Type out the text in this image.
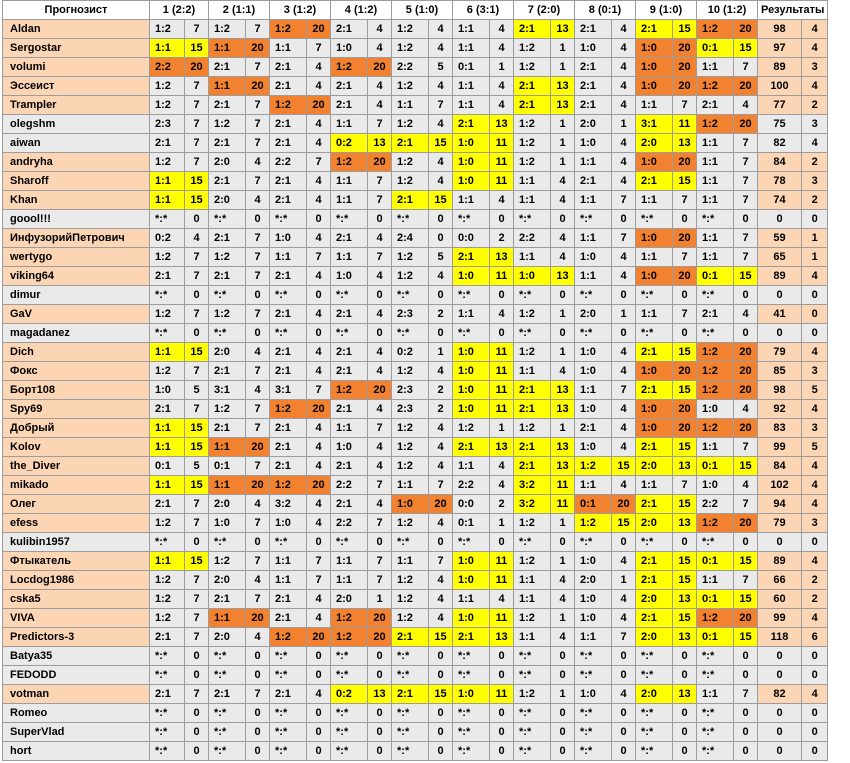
Прогнозист	1 (2:2)		2 (1:1)		3 (1:2)		4 (1:2)		5 (1:0)		6 (3:1)		7 (2:0)		8 (0:1)		9 (1:0)		10 (1:2)		Результаты	
Aldan	1:2	7	1:2	7	1:2	20	2:1	4	1:2	4	1:1	4	2:1	13	2:1	4	2:1	15	1:2	20	98	4
Sergostar	1:1	15	1:1	20	1:1	7	1:0	4	1:2	4	1:1	4	1:2	1	1:0	4	1:0	20	0:1	15	97	4
volumi	2:2	20	2:1	7	2:1	4	1:2	20	2:2	5	0:1	1	1:2	1	2:1	4	1:0	20	1:1	7	89	3
Эссеист	1:2	7	1:1	20	2:1	4	2:1	4	1:2	4	1:1	4	2:1	13	2:1	4	1:0	20	1:2	20	100	4
Trampler	1:2	7	2:1	7	1:2	20	2:1	4	1:1	7	1:1	4	2:1	13	2:1	4	1:1	7	2:1	4	77	2
olegshm	2:3	7	1:2	7	2:1	4	1:1	7	1:2	4	2:1	13	1:2	1	2:0	1	3:1	11	1:2	20	75	3
aiwan	2:1	7	2:1	7	2:1	4	0:2	13	2:1	15	1:0	11	1:2	1	1:0	4	2:0	13	1:1	7	82	4
andryha	1:2	7	2:0	4	2:2	7	1:2	20	1:2	4	1:0	11	1:2	1	1:1	4	1:0	20	1:1	7	84	2
Sharoff	1:1	15	2:1	7	2:1	4	1:1	7	1:2	4	1:0	11	1:1	4	2:1	4	2:1	15	1:1	7	78	3
Khan	1:1	15	2:0	4	2:1	4	1:1	7	2:1	15	1:1	4	1:1	4	1:1	7	1:1	7	1:1	7	74	2
goool!!!	*:*	0	*:*	0	*:*	0	*:*	0	*:*	0	*:*	0	*:*	0	*:*	0	*:*	0	*:*	0	0	0
ИнфузорийПетрович	0:2	4	2:1	7	1:0	4	2:1	4	2:4	0	0:0	2	2:2	4	1:1	7	1:0	20	1:1	7	59	1
wertygo	1:2	7	1:2	7	1:1	7	1:1	7	1:2	5	2:1	13	1:1	4	1:0	4	1:1	7	1:1	7	65	1
viking64	2:1	7	2:1	7	2:1	4	1:0	4	1:2	4	1:0	11	1:0	13	1:1	4	1:0	20	0:1	15	89	4
dimur	*:*	0	*:*	0	*:*	0	*:*	0	*:*	0	*:*	0	*:*	0	*:*	0	*:*	0	*:*	0	0	0
GaV	1:2	7	1:2	7	2:1	4	2:1	4	2:3	2	1:1	4	1:2	1	2:0	1	1:1	7	2:1	4	41	0
magadanez	*:*	0	*:*	0	*:*	0	*:*	0	*:*	0	*:*	0	*:*	0	*:*	0	*:*	0	*:*	0	0	0
Dich	1:1	15	2:0	4	2:1	4	2:1	4	0:2	1	1:0	11	1:2	1	1:0	4	2:1	15	1:2	20	79	4
Фокс	1:2	7	2:1	7	2:1	4	2:1	4	1:2	4	1:0	11	1:1	4	1:0	4	1:0	20	1:2	20	85	3
Борт108	1:0	5	3:1	4	3:1	7	1:2	20	2:3	2	1:0	11	2:1	13	1:1	7	2:1	15	1:2	20	98	5
Spy69	2:1	7	1:2	7	1:2	20	2:1	4	2:3	2	1:0	11	2:1	13	1:0	4	1:0	20	1:0	4	92	4
Добрый	1:1	15	2:1	7	2:1	4	1:1	7	1:2	4	1:2	1	1:2	1	2:1	4	1:0	20	1:2	20	83	3
Kolov	1:1	15	1:1	20	2:1	4	1:0	4	1:2	4	2:1	13	2:1	13	1:0	4	2:1	15	1:1	7	99	5
the_Diver	0:1	5	0:1	7	2:1	4	2:1	4	1:2	4	1:1	4	2:1	13	1:2	15	2:0	13	0:1	15	84	4
mikado	1:1	15	1:1	20	1:2	20	2:2	7	1:1	7	2:2	4	3:2	11	1:1	4	1:1	7	1:0	4	102	4
Олег	2:1	7	2:0	4	3:2	4	2:1	4	1:0	20	0:0	2	3:2	11	0:1	20	2:1	15	2:2	7	94	4
efess	1:2	7	1:0	7	1:0	4	2:2	7	1:2	4	0:1	1	1:2	1	1:2	15	2:0	13	1:2	20	79	3
kulibin1957	*:*	0	*:*	0	*:*	0	*:*	0	*:*	0	*:*	0	*:*	0	*:*	0	*:*	0	*:*	0	0	0
Фтыкатель	1:1	15	1:2	7	1:1	7	1:1	7	1:1	7	1:0	11	1:2	1	1:0	4	2:1	15	0:1	15	89	4
Locdog1986	1:2	7	2:0	4	1:1	7	1:1	7	1:2	4	1:0	11	1:1	4	2:0	1	2:1	15	1:1	7	66	2
cska5	1:2	7	2:1	7	2:1	4	2:0	1	1:2	4	1:1	4	1:1	4	1:0	4	2:0	13	0:1	15	60	2
VIVA	1:2	7	1:1	20	2:1	4	1:2	20	1:2	4	1:0	11	1:2	1	1:0	4	2:1	15	1:2	20	99	4
Predictors-3	2:1	7	2:0	4	1:2	20	1:2	20	2:1	15	2:1	13	1:1	4	1:1	7	2:0	13	0:1	15	118	6
Batya35	*:*	0	*:*	0	*:*	0	*:*	0	*:*	0	*:*	0	*:*	0	*:*	0	*:*	0	*:*	0	0	0
FEDODD	*:*	0	*:*	0	*:*	0	*:*	0	*:*	0	*:*	0	*:*	0	*:*	0	*:*	0	*:*	0	0	0
votman	2:1	7	2:1	7	2:1	4	0:2	13	2:1	15	1:0	11	1:2	1	1:0	4	2:0	13	1:1	7	82	4
Romeo	*:*	0	*:*	0	*:*	0	*:*	0	*:*	0	*:*	0	*:*	0	*:*	0	*:*	0	*:*	0	0	0
SuperVlad	*:*	0	*:*	0	*:*	0	*:*	0	*:*	0	*:*	0	*:*	0	*:*	0	*:*	0	*:*	0	0	0
hort	*:*	0	*:*	0	*:*	0	*:*	0	*:*	0	*:*	0	*:*	0	*:*	0	*:*	0	*:*	0	0	0
